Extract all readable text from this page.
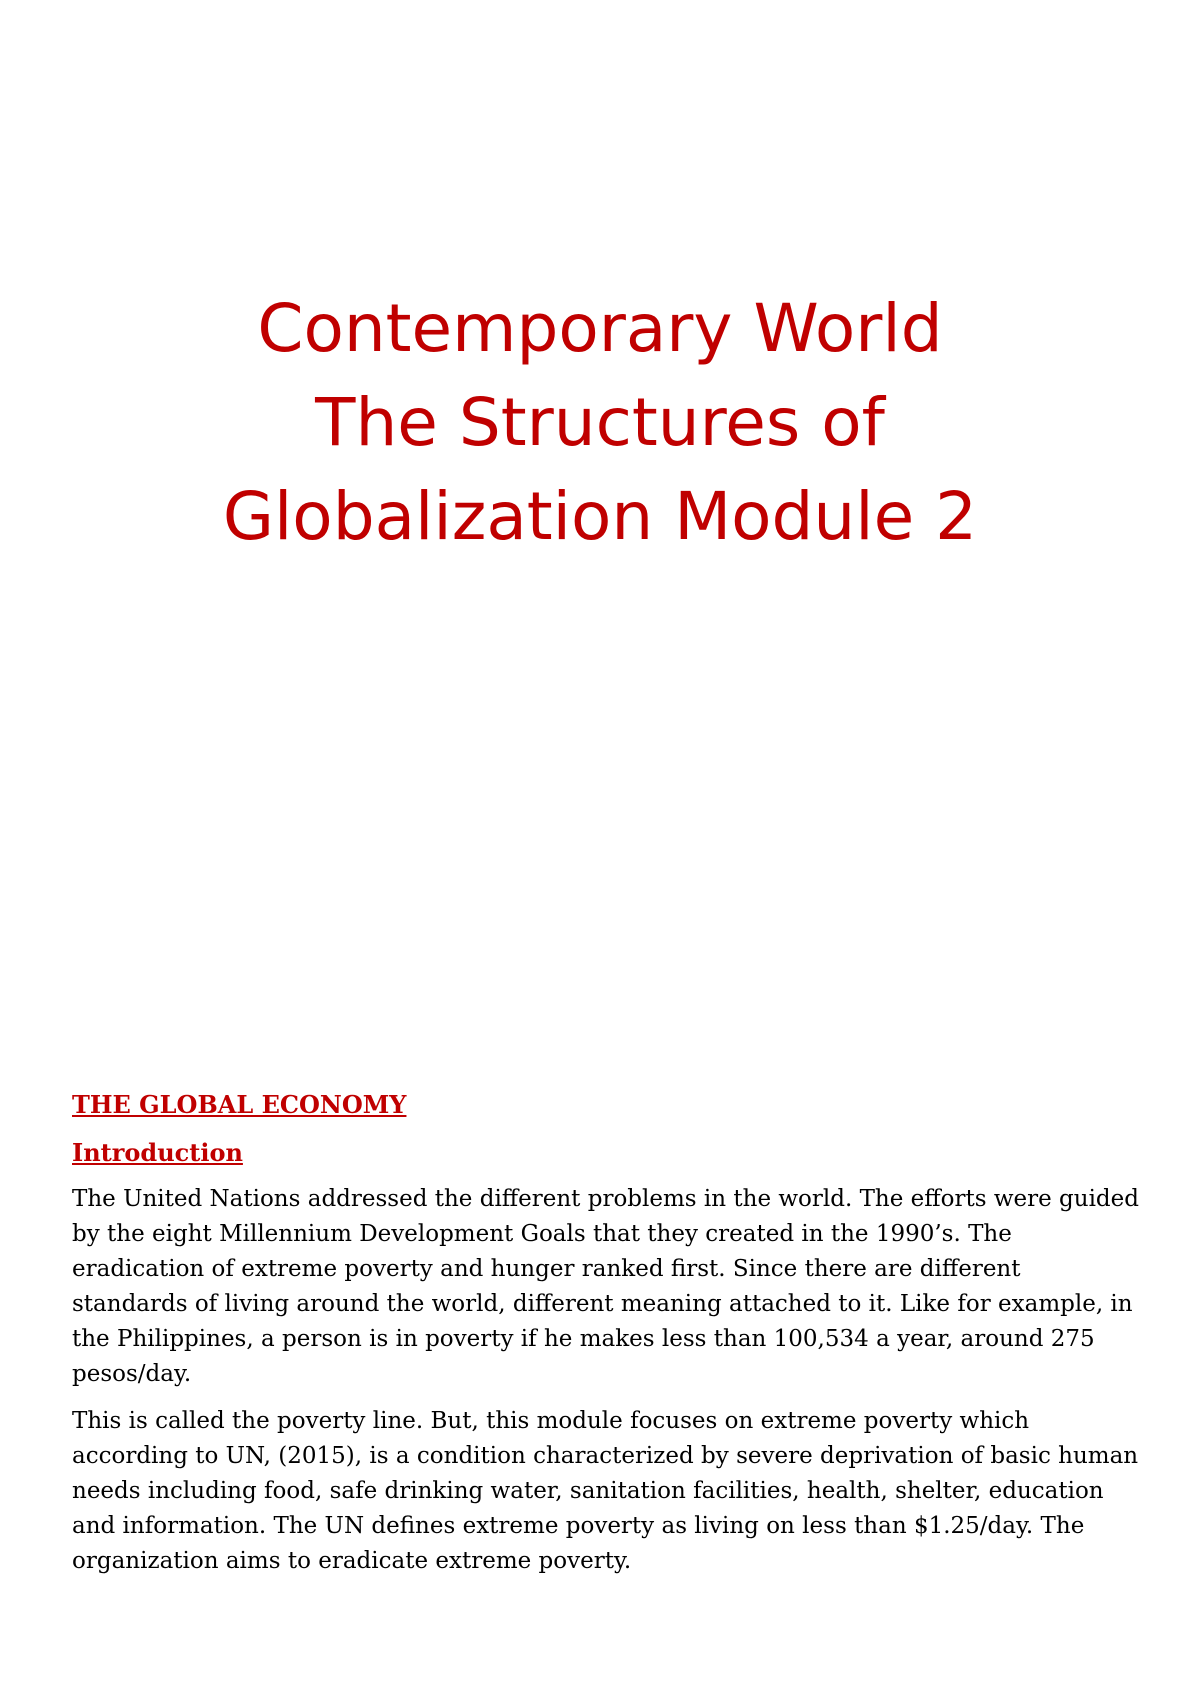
Contemporary World
The Structures of
Globalization Module 2
THE GLOBAL ECONOMY
Introduction

The United Nations addressed the different problems in the world. The efforts were guided by the eight Millennium Development Goals that they created in the 1990’s. The eradication of extreme poverty and hunger ranked first. Since there are different standards of living around the world, different meaning attached to it. Like for example, in the Philippines, a person is in poverty if he makes less than 100,534 a year, around 275 pesos/day.

This is called the poverty line. But, this module focuses on extreme poverty which according to UN, (2015), is a condition characterized by severe deprivation of basic human needs including food, safe drinking water, sanitation facilities, health, shelter, education and information. The UN defines extreme poverty as living on less than $1.25/day. The organization aims to eradicate extreme poverty.
